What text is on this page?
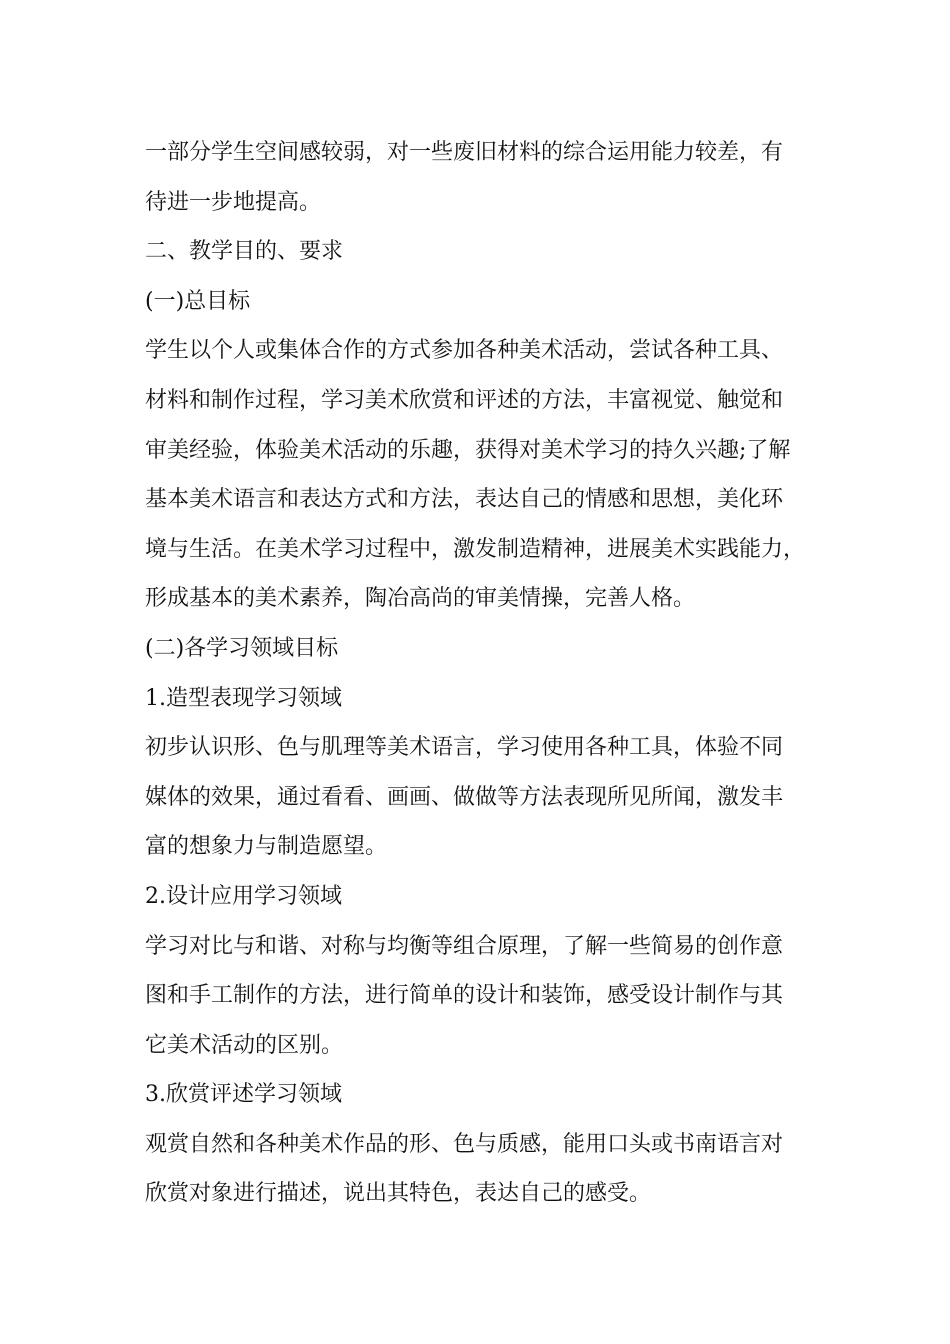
一部分学生空间感较弱，对一些废旧材料的综合运用能力较差，有

待进一步地提高。

二、教学目的、要求

(一)总目标

学生以个人或集体合作的方式参加各种美术活动，尝试各种工具、

材料和制作过程，学习美术欣赏和评述的方法，丰富视觉、触觉和

审美经验，体验美术活动的乐趣，获得对美术学习的持久兴趣;了解

基本美术语言和表达方式和方法，表达自己的情感和思想，美化环

境与生活。在美术学习过程中，激发制造精神，进展美术实践能力，

形成基本的美术素养，陶冶高尚的审美情操，完善人格。

(二)各学习领域目标

1.造型表现学习领域

初步认识形、色与肌理等美术语言，学习使用各种工具，体验不同

媒体的效果，通过看看、画画、做做等方法表现所见所闻，激发丰

富的想象力与制造愿望。

2.设计应用学习领域

学习对比与和谐、对称与均衡等组合原理，了解一些简易的创作意

图和手工制作的方法，进行简单的设计和装饰，感受设计制作与其

它美术活动的区别。

3.欣赏评述学习领域

观赏自然和各种美术作品的形、色与质感，能用口头或书南语言对

欣赏对象进行描述，说出其特色，表达自己的感受。
